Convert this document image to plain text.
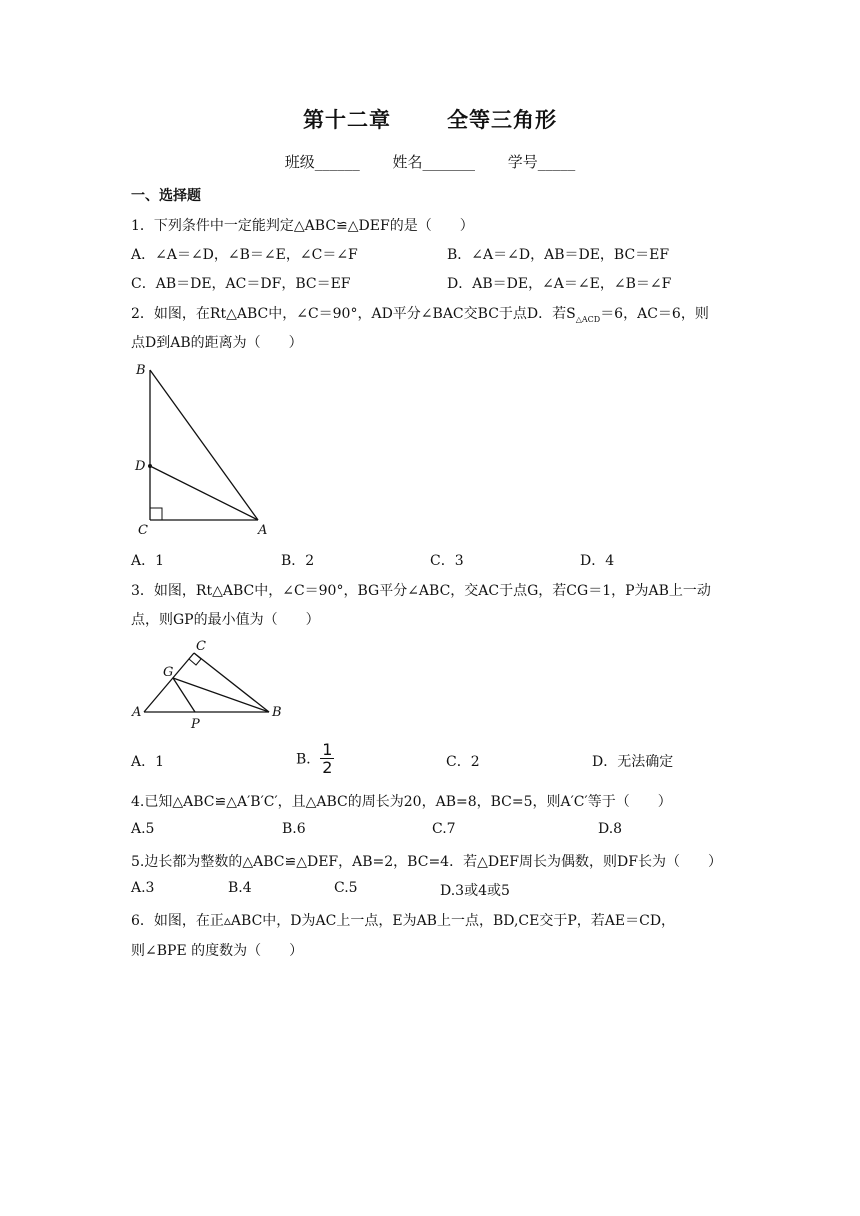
第十二章	全等三角形
班级______ 姓名_______ 学号_____
一、选择题
1．下列条件中一定能判定△ABC≌△DEF的是（　　）
A．∠A＝∠D，∠B＝∠E，∠C＝∠F	B．∠A＝∠D，AB＝DE，BC＝EF
C．AB＝DE，AC＝DF，BC＝EF	D．AB＝DE，∠A＝∠E，∠B＝∠F
2．如图，在Rt△ABC中，∠C＝90°，AD平分∠BAC交BC于点D．若$S_{\triangle ACD}=6$，AC＝6，则
点D到AB的距离为（　　）
B
D
C	A
A．1	B．2	C．3	D．4
3．如图，Rt△ABC中，∠C＝90°，BG平分∠ABC，交AC于点G，若CG＝1，P为AB上一动
点，则GP的最小值为（　　）
C
G
A
P
B
A．1	B． $\frac{1}{2}$	C．2	D．无法确定
4.已知△ABC≌△A′B′C′，且△ABC的周长为20，AB=8，BC=5，则A′C′等于（　　）
A.5	B.6	C.7	D.8
5.边长都为整数的△ABC≌△DEF，AB=2，BC=4．若△DEF周长为偶数，则DF长为（　　）
A.3	B.4	C.5	D.3或4或5
6．如图，在正▵ABC中，D为AC上一点，E为AB上一点，BD,CE交于P，若AE＝CD，
则∠BPE 的度数为（　　）
